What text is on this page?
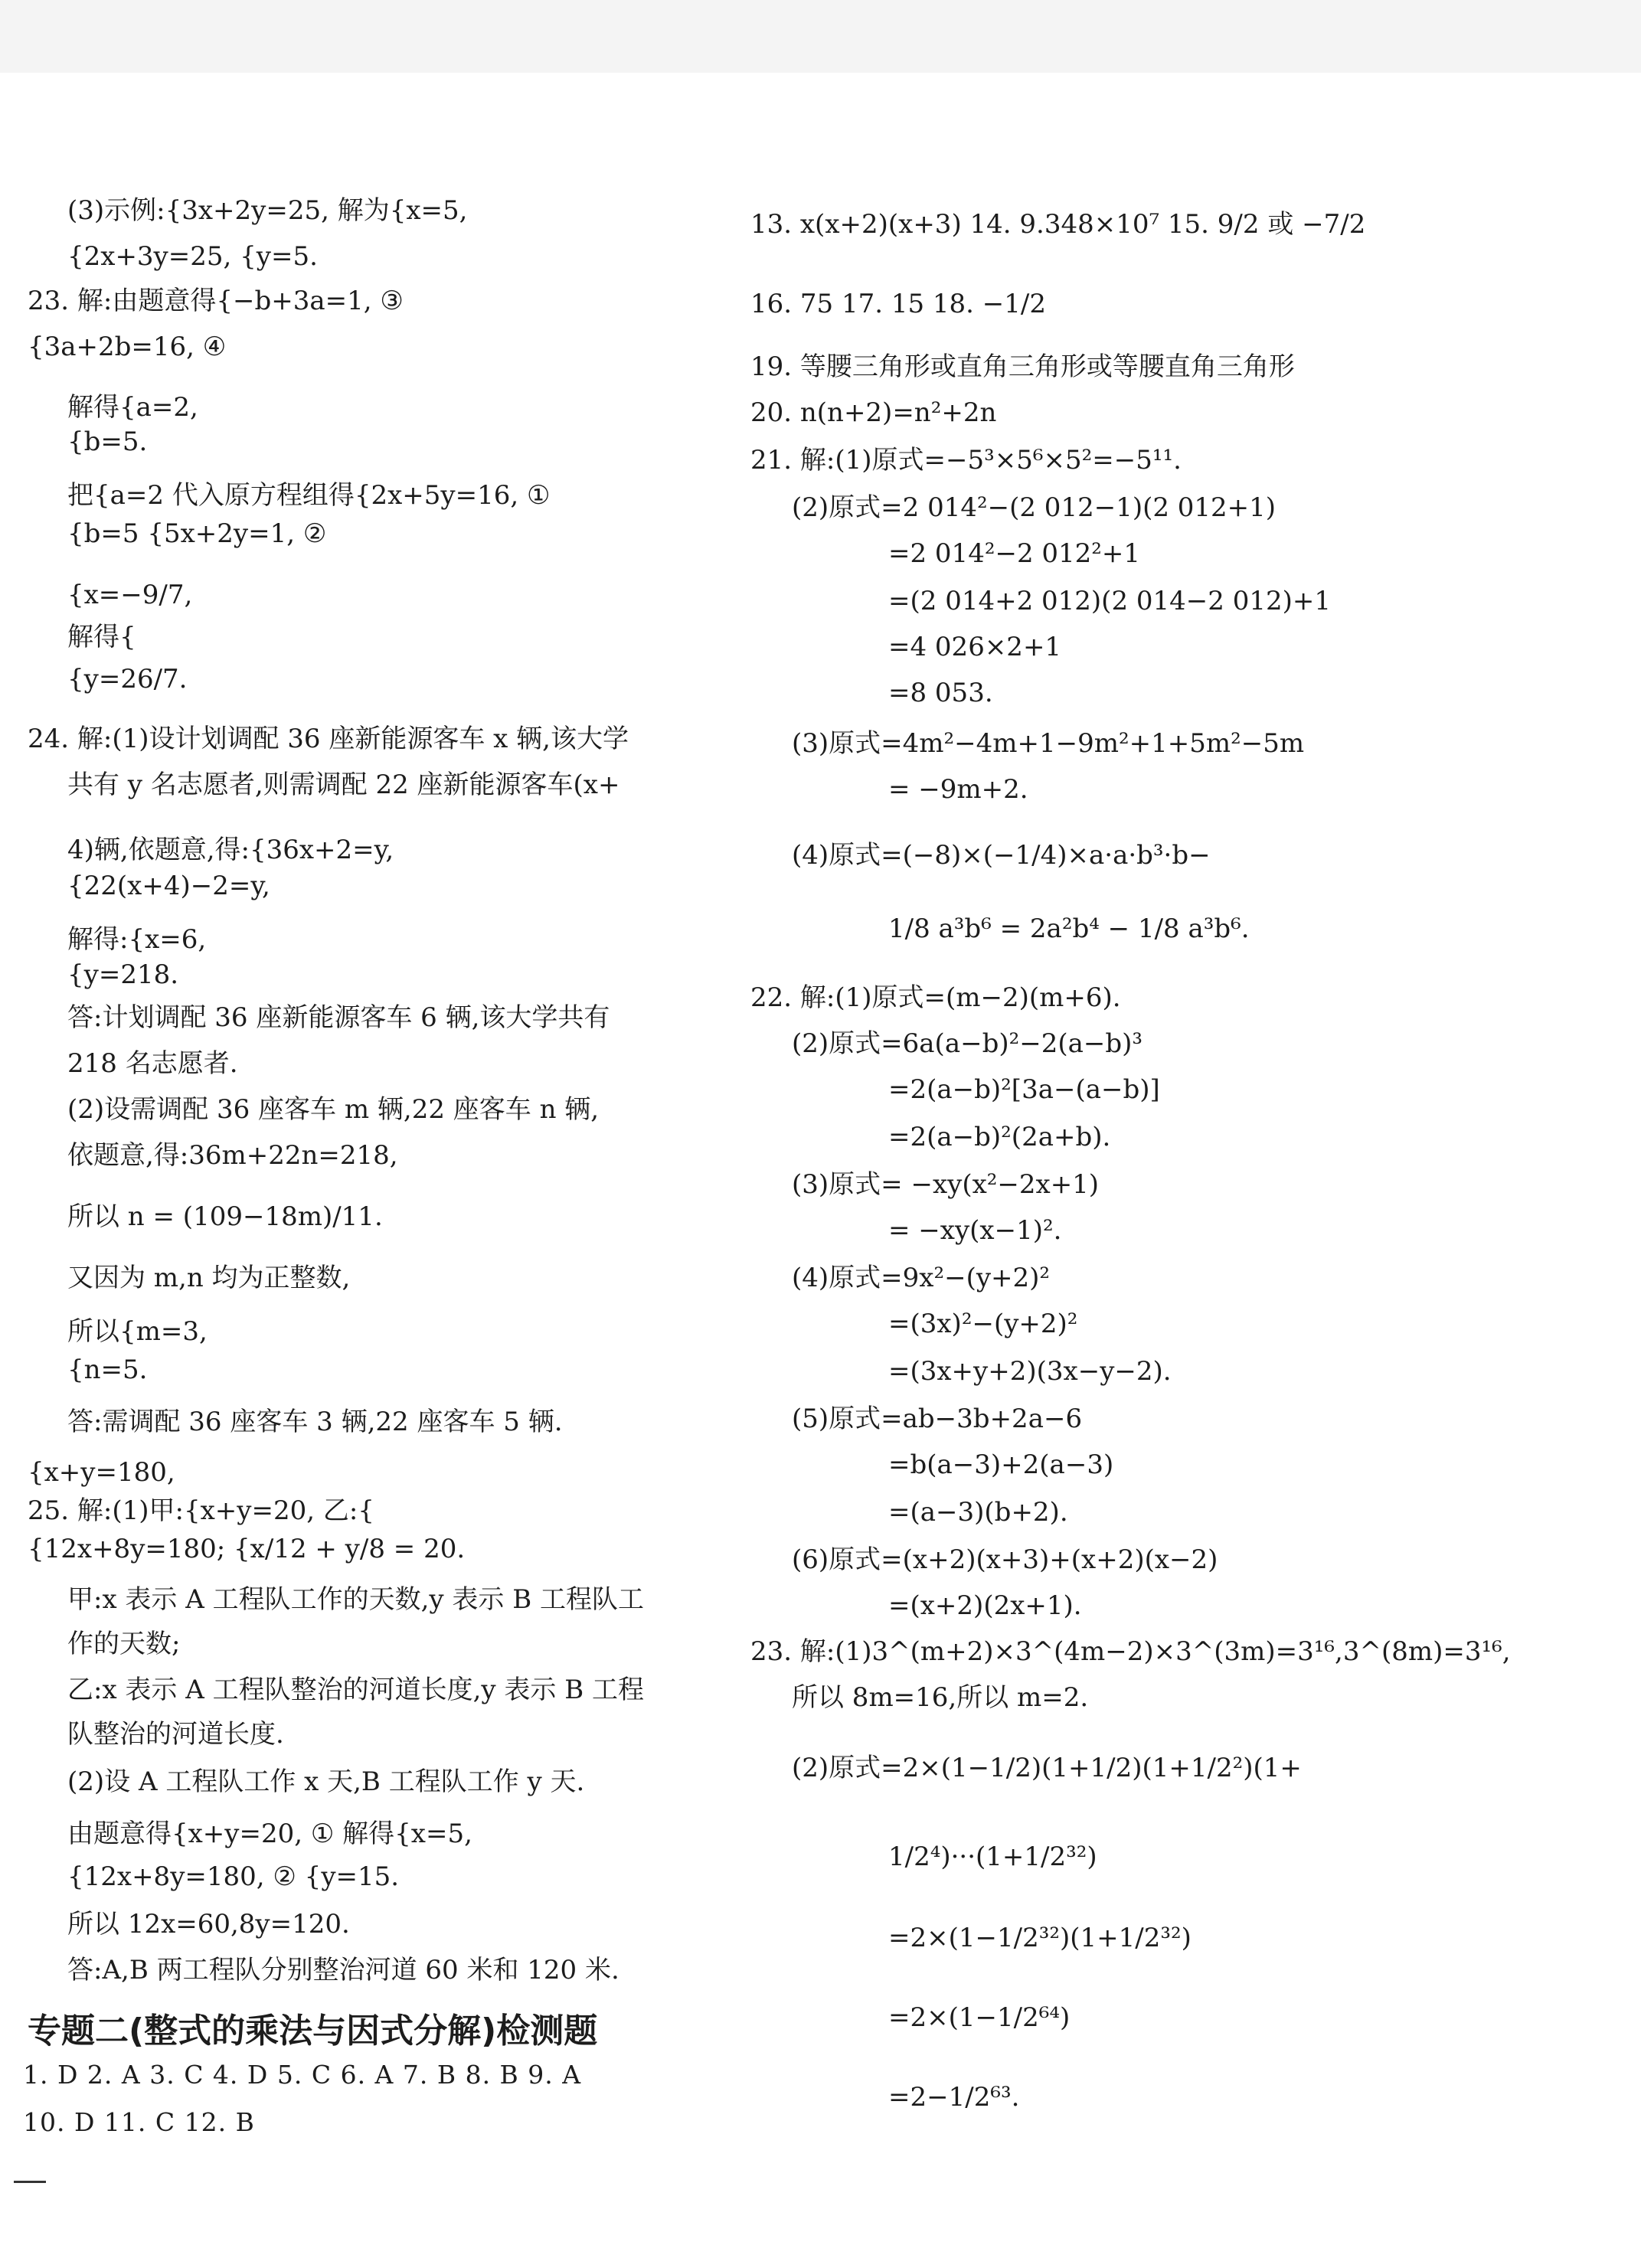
(3)示例:{3x+2y=25, 解为{x=5,
{2x+3y=25, {y=5.
23. 解:由题意得{−b+3a=1, ③
{3a+2b=16, ④
解得{a=2,
{b=5.
把{a=2 代入原方程组得{2x+5y=16, ①
{b=5 {5x+2y=1, ②
{x=−9/7,
解得{
{y=26/7.
24. 解:(1)设计划调配 36 座新能源客车 x 辆,该大学
共有 y 名志愿者,则需调配 22 座新能源客车(x+
4)辆,依题意,得:{36x+2=y,
{22(x+4)−2=y,
解得:{x=6,
{y=218.
答:计划调配 36 座新能源客车 6 辆,该大学共有
218 名志愿者.
(2)设需调配 36 座客车 m 辆,22 座客车 n 辆,
依题意,得:36m+22n=218,
所以 n = (109−18m)/11.
又因为 m,n 均为正整数,
所以{m=3,
{n=5.
答:需调配 36 座客车 3 辆,22 座客车 5 辆.
{x+y=180,
25. 解:(1)甲:{x+y=20, 乙:{
{12x+8y=180; {x/12 + y/8 = 20.
甲:x 表示 A 工程队工作的天数,y 表示 B 工程队工
作的天数;
乙:x 表示 A 工程队整治的河道长度,y 表示 B 工程
队整治的河道长度.
(2)设 A 工程队工作 x 天,B 工程队工作 y 天.
由题意得{x+y=20, ① 解得{x=5,
{12x+8y=180, ② {y=15.
所以 12x=60,8y=120.
答:A,B 两工程队分别整治河道 60 米和 120 米.
专题二(整式的乘法与因式分解)检测题
1. D 2. A 3. C 4. D 5. C 6. A 7. B 8. B 9. A
10. D 11. C 12. B
13. x(x+2)(x+3) 14. 9.348×10⁷ 15. 9/2 或 −7/2
16. 75 17. 15 18. −1/2
19. 等腰三角形或直角三角形或等腰直角三角形
20. n(n+2)=n²+2n
21. 解:(1)原式=−5³×5⁶×5²=−5¹¹.
(2)原式=2 014²−(2 012−1)(2 012+1)
=2 014²−2 012²+1
=(2 014+2 012)(2 014−2 012)+1
=4 026×2+1
=8 053.
(3)原式=4m²−4m+1−9m²+1+5m²−5m
= −9m+2.
(4)原式=(−8)×(−1/4)×a·a·b³·b−
1/8 a³b⁶ = 2a²b⁴ − 1/8 a³b⁶.
22. 解:(1)原式=(m−2)(m+6).
(2)原式=6a(a−b)²−2(a−b)³
=2(a−b)²[3a−(a−b)]
=2(a−b)²(2a+b).
(3)原式= −xy(x²−2x+1)
= −xy(x−1)².
(4)原式=9x²−(y+2)²
=(3x)²−(y+2)²
=(3x+y+2)(3x−y−2).
(5)原式=ab−3b+2a−6
=b(a−3)+2(a−3)
=(a−3)(b+2).
(6)原式=(x+2)(x+3)+(x+2)(x−2)
=(x+2)(2x+1).
23. 解:(1)3^(m+2)×3^(4m−2)×3^(3m)=3¹⁶,3^(8m)=3¹⁶,
所以 8m=16,所以 m=2.
(2)原式=2×(1−1/2)(1+1/2)(1+1/2²)(1+
1/2⁴)···(1+1/2³²)
=2×(1−1/2³²)(1+1/2³²)
=2×(1−1/2⁶⁴)
=2−1/2⁶³.
